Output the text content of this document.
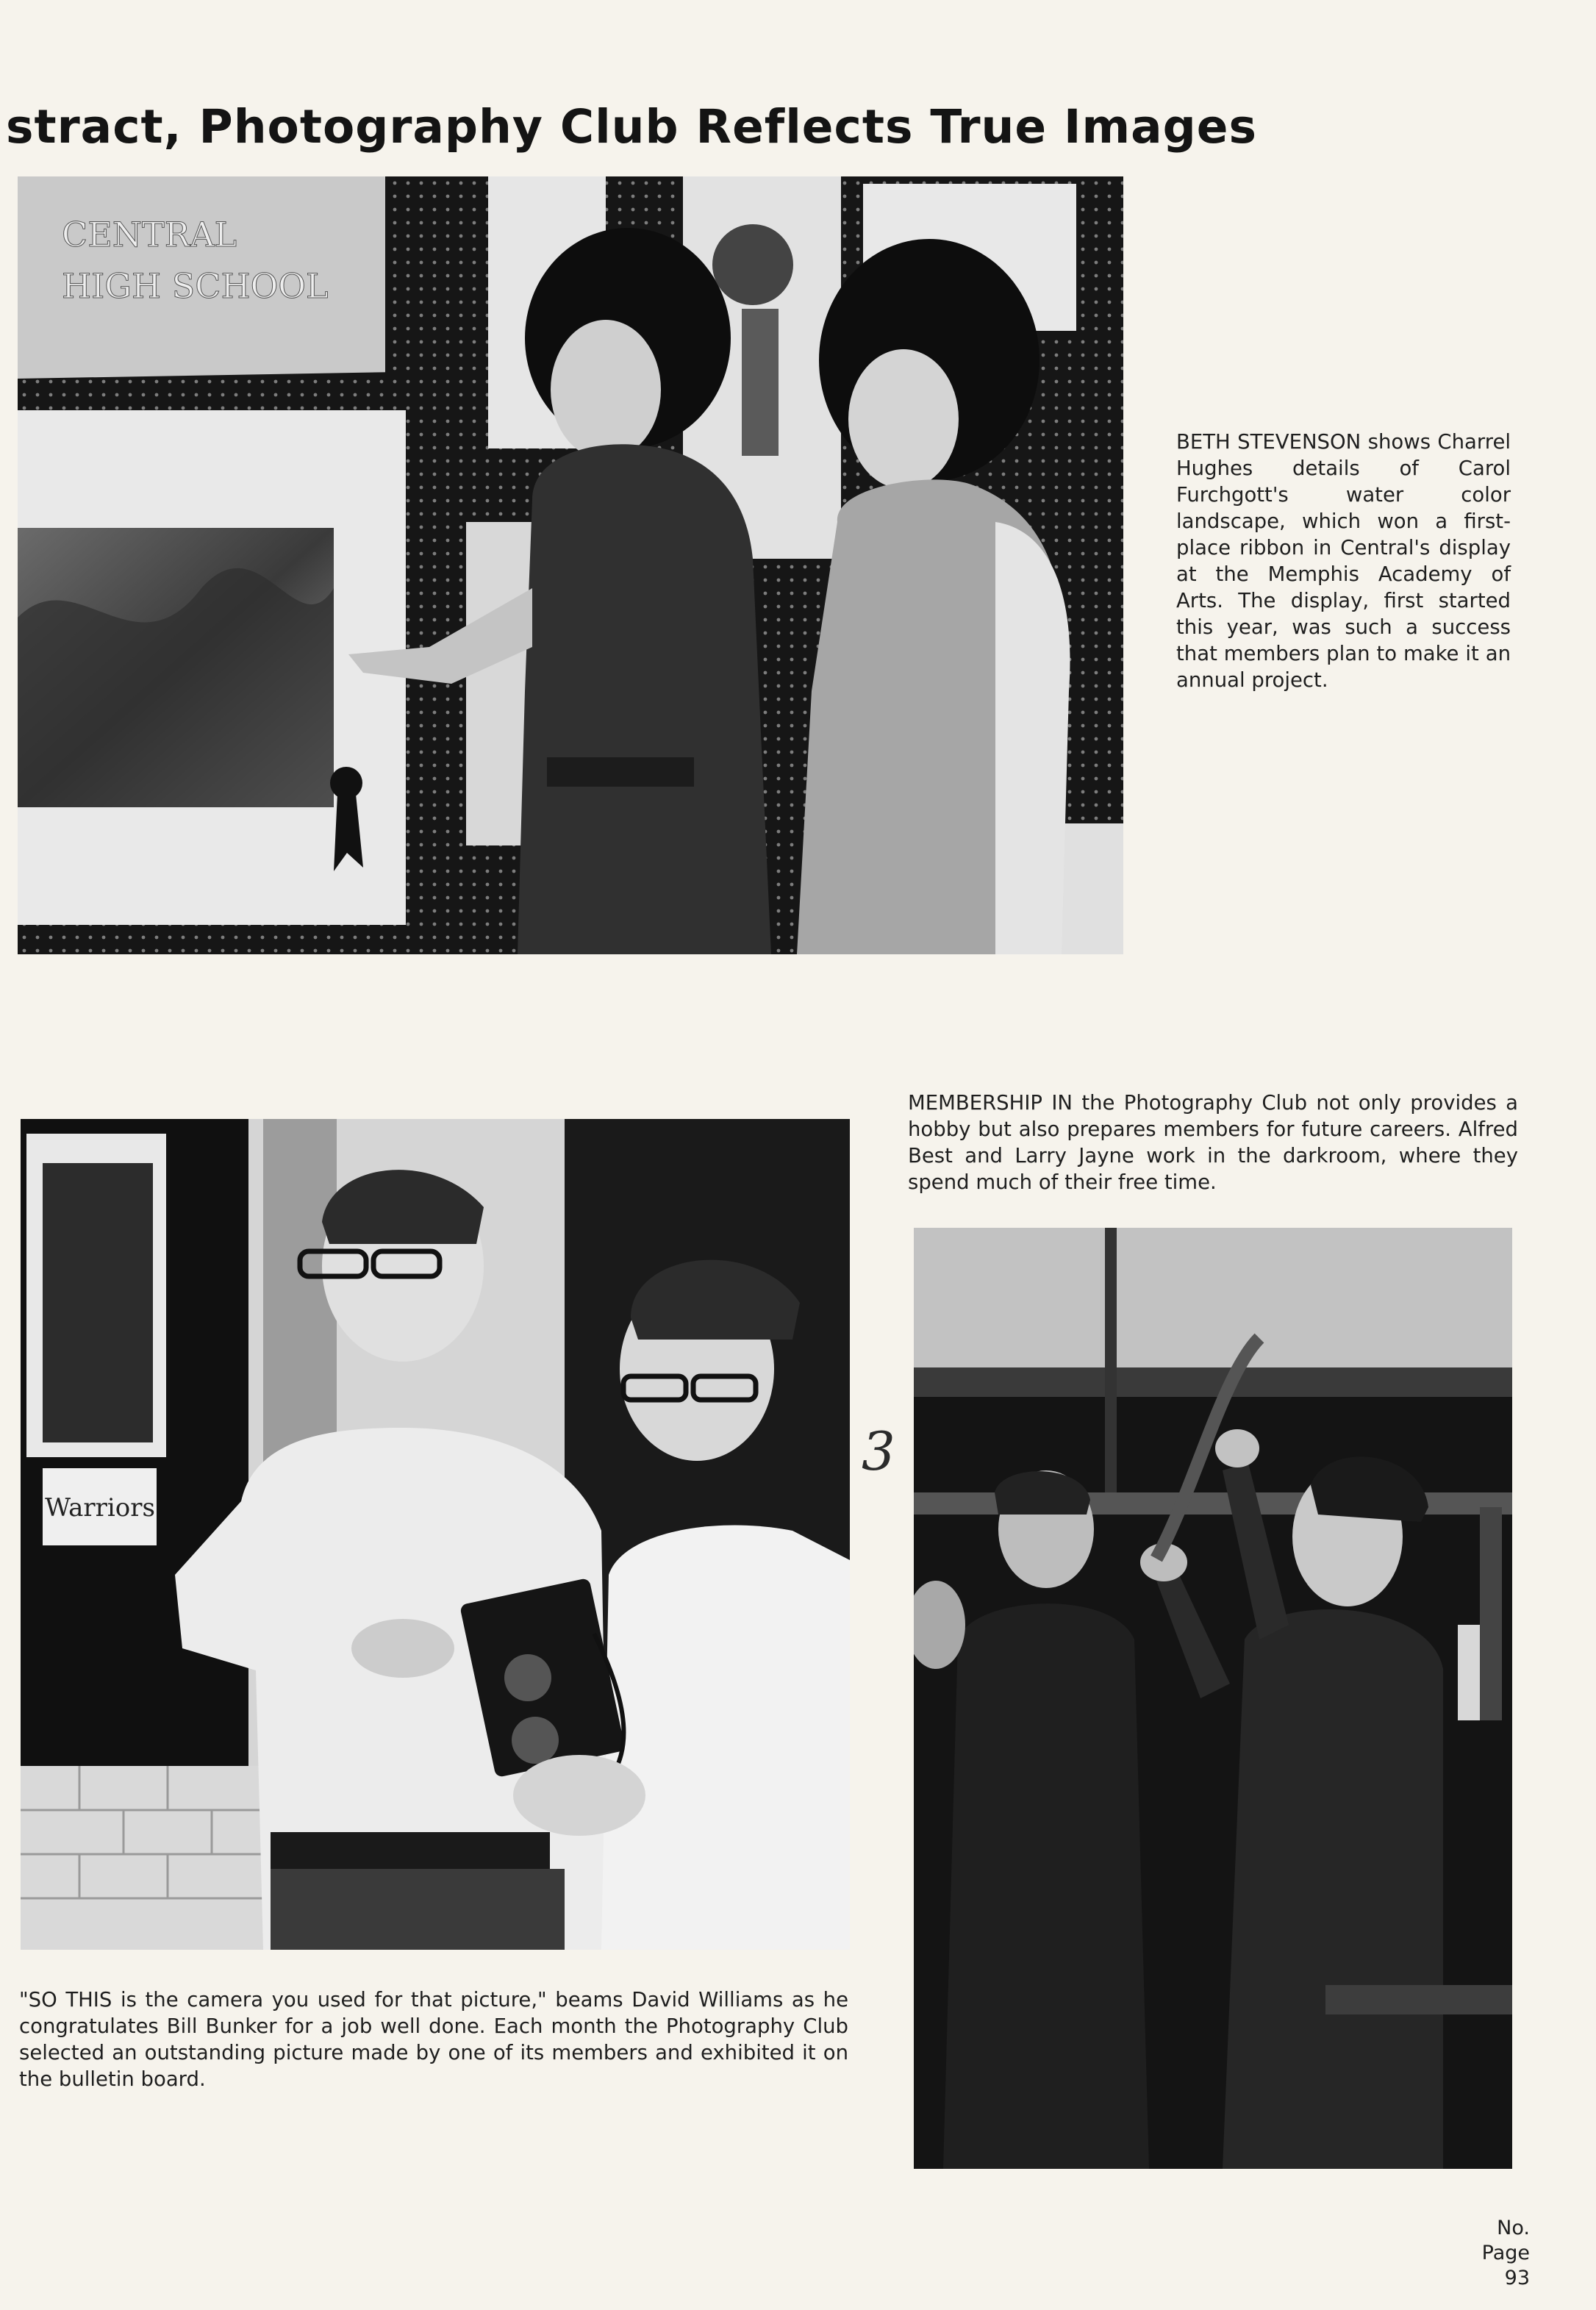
stract, Photography Club Reflects True Images
CENTRAL
HIGH SCHOOL
BETH STEVENSON shows Charrel Hughes details of Carol Furchgott's water color landscape, which won a first-place ribbon in Central's display at the Memphis Academy of Arts. The display, first started this year, was such a success that members plan to make it an annual project.
MEMBERSHIP IN the Photography Club not only provides a hobby but also prepares members for future careers. Alfred Best and Larry Jayne work in the darkroom, where they spend much of their free time.
Warriors
3
"SO THIS is the camera you used for that picture," beams David Williams as he congratulates Bill Bunker for a job well done. Each month the Photography Club selected an outstanding picture made by one of its members and exhibited it on the bulletin board.
No.
Page
93
